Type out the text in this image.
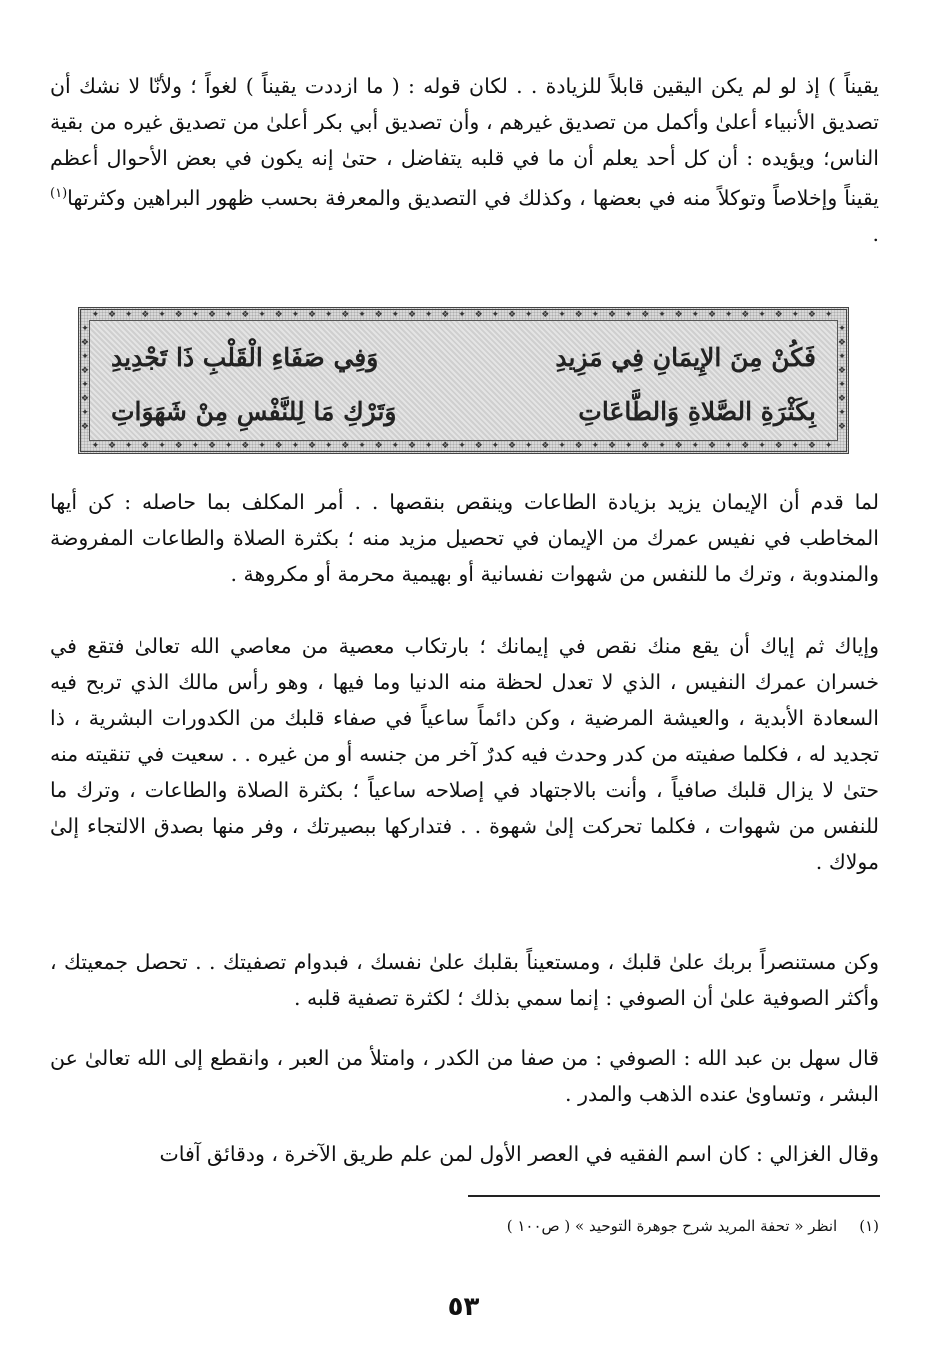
يقيناً ) إذ لو لم يكن اليقين قابلاً للزيادة . . لكان قوله : ( ما ازددت يقيناً ) لغواً ؛ ولأنّا لا نشك أن تصديق الأنبياء أعلىٰ وأكمل من تصديق غيرهم ، وأن تصديق أبي بكر أعلىٰ من تصديق غيره من بقية الناس؛ ويؤيده : أن كل أحد يعلم أن ما في قلبه يتفاضل ، حتىٰ إنه يكون في بعض الأحوال أعظم يقيناً وإخلاصاً وتوكلاً منه في بعضها ، وكذلك في التصديق والمعرفة بحسب ظهور البراهين وكثرتها$^{(١)}$ .

✦ ❖ ✦ ❖ ✦ ❖ ✦ ❖ ✦ ❖ ✦ ❖ ✦ ❖ ✦ ❖ ✦ ❖ ✦ ❖ ✦ ❖ ✦ ❖ ✦ ❖ ✦ ❖ ✦ ❖ ✦ ❖ ✦ ❖ ✦ ❖ ✦ ❖ ✦ ❖ ✦ ❖ ✦ ❖ ✦
✦ ❖ ✦ ❖ ✦ ❖ ✦ ❖ ✦ ❖ ✦ ❖ ✦ ❖ ✦ ❖ ✦ ❖ ✦ ❖ ✦ ❖ ✦ ❖ ✦ ❖ ✦ ❖ ✦ ❖ ✦ ❖ ✦ ❖ ✦ ❖ ✦ ❖ ✦ ❖ ✦ ❖ ✦ ❖ ✦
✦
❖
✦
❖
✦
❖
✦
❖
✦
❖
✦
❖
✦
❖
✦
❖
فَكُنْ مِنَ الإِيمَانِ فِي مَزِيدِ
وَفِي صَفَاءِ الْقَلْبِ ذَا تَجْدِيدِ
بِكَثْرَةِ الصَّلاةِ وَالطَّاعَاتِ
وَتَرْكِ مَا لِلنَّفْسِ مِنْ شَهَوَاتِ

لما قدم أن الإيمان يزيد بزيادة الطاعات وينقص بنقصها . . أمر المكلف بما حاصله : كن أيها المخاطب في نفيس عمرك من الإيمان في تحصيل مزيد منه ؛ بكثرة الصلاة والطاعات المفروضة والمندوبة ، وترك ما للنفس من شهوات نفسانية أو بهيمية محرمة أو مكروهة .

وإياك ثم إياك أن يقع منك نقص في إيمانك ؛ بارتكاب معصية من معاصي الله تعالىٰ فتقع في خسران عمرك النفيس ، الذي لا تعدل لحظة منه الدنيا وما فيها ، وهو رأس مالك الذي تربح فيه السعادة الأبدية ، والعيشة المرضية ، وكن دائماً ساعياً في صفاء قلبك من الكدورات البشرية ، ذا تجديد له ، فكلما صفيته من كدر وحدث فيه كدرٌ آخر من جنسه أو من غيره . . سعيت في تنقيته منه حتىٰ لا يزال قلبك صافياً ، وأنت بالاجتهاد في إصلاحه ساعياً ؛ بكثرة الصلاة والطاعات ، وترك ما للنفس من شهوات ، فكلما تحركت إلىٰ شهوة . . فتداركها ببصيرتك ، وفر منها بصدق الالتجاء إلىٰ مولاك .

وكن مستنصراً بربك علىٰ قلبك ، ومستعيناً بقلبك علىٰ نفسك ، فبدوام تصفيتك . . تحصل جمعيتك ، وأكثر الصوفية علىٰ أن الصوفي : إنما سمي بذلك ؛ لكثرة تصفية قلبه .

قال سهل بن عبد الله : الصوفي : من صفا من الكدر ، وامتلأ من العبر ، وانقطع إلى الله تعالىٰ عن البشر ، وتساوىٰ عنده الذهب والمدر .

وقال الغزالي : كان اسم الفقيه في العصر الأول لمن علم طريق الآخرة ، ودقائق آفات

(١)انظر « تحفة المريد شرح جوهرة التوحيد » ( ص١٠٠ )

٥٣
